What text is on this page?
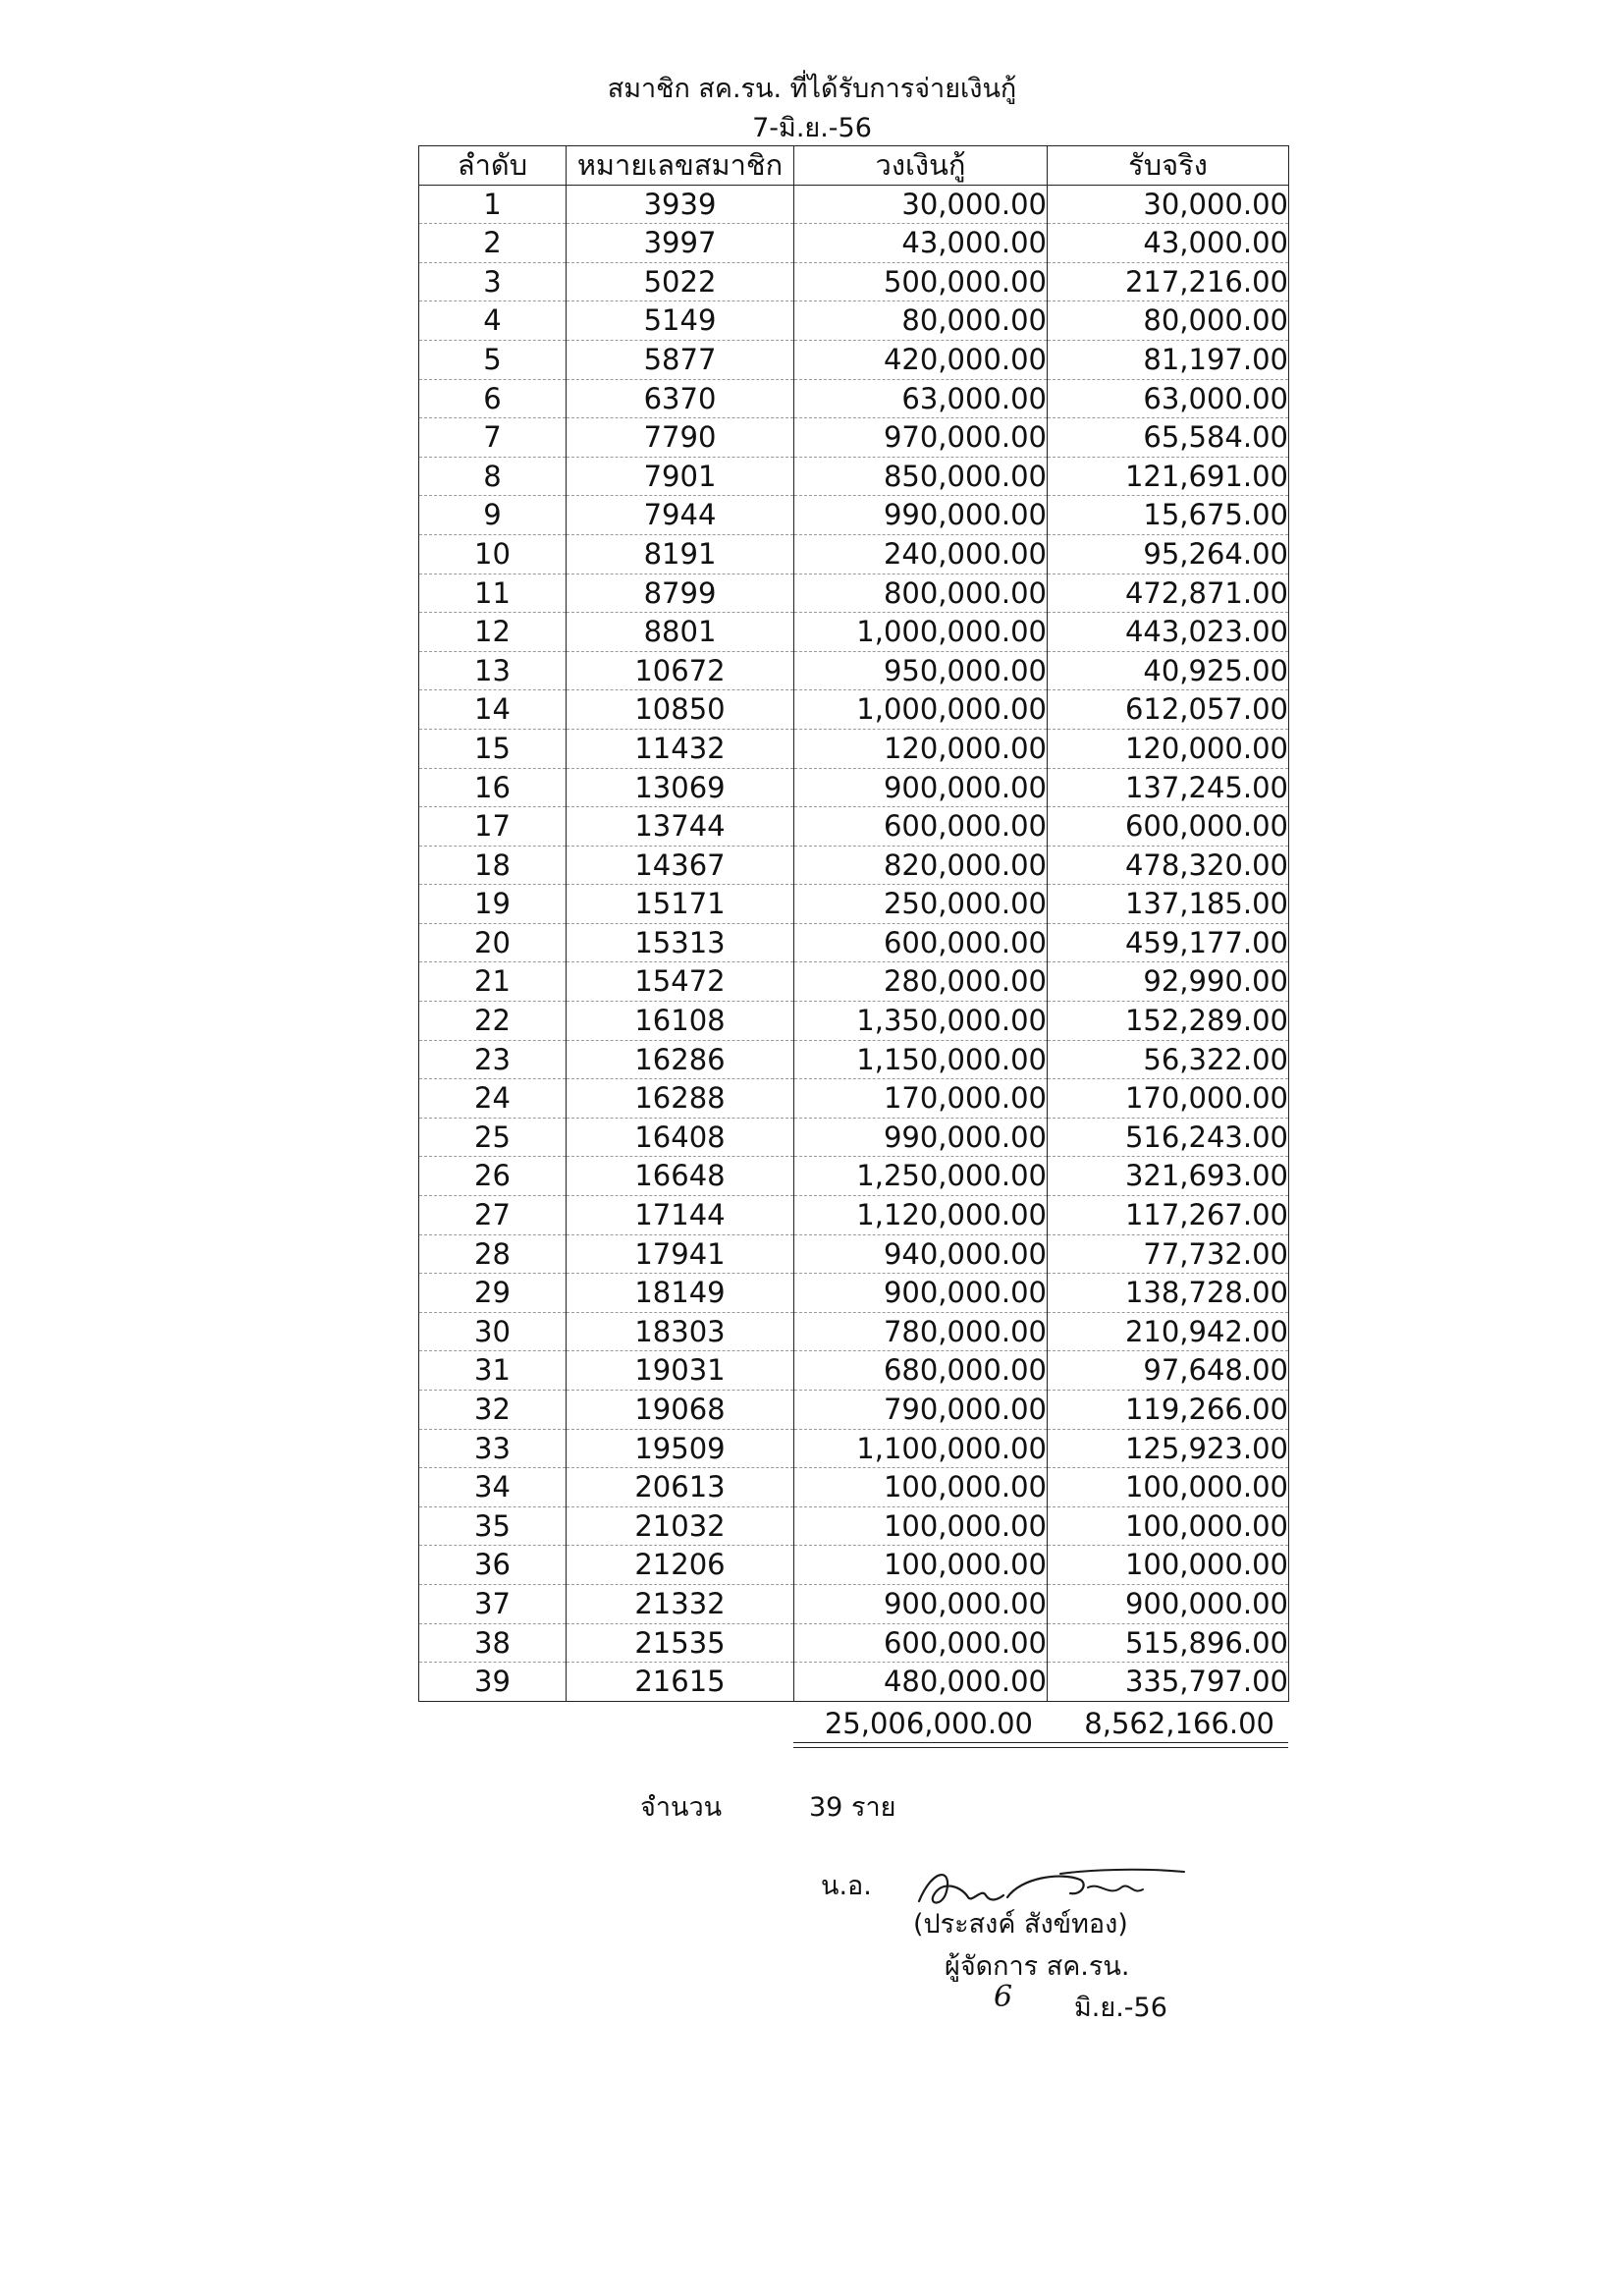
สมาชิก สค.รน. ที่ได้รับการจ่ายเงินกู้
7-มิ.ย.-56
ลำดับ	หมายเลขสมาชิก	วงเงินกู้	รับจริง
1	3939	30,000.00	30,000.00
2	3997	43,000.00	43,000.00
3	5022	500,000.00	217,216.00
4	5149	80,000.00	80,000.00
5	5877	420,000.00	81,197.00
6	6370	63,000.00	63,000.00
7	7790	970,000.00	65,584.00
8	7901	850,000.00	121,691.00
9	7944	990,000.00	15,675.00
10	8191	240,000.00	95,264.00
11	8799	800,000.00	472,871.00
12	8801	1,000,000.00	443,023.00
13	10672	950,000.00	40,925.00
14	10850	1,000,000.00	612,057.00
15	11432	120,000.00	120,000.00
16	13069	900,000.00	137,245.00
17	13744	600,000.00	600,000.00
18	14367	820,000.00	478,320.00
19	15171	250,000.00	137,185.00
20	15313	600,000.00	459,177.00
21	15472	280,000.00	92,990.00
22	16108	1,350,000.00	152,289.00
23	16286	1,150,000.00	56,322.00
24	16288	170,000.00	170,000.00
25	16408	990,000.00	516,243.00
26	16648	1,250,000.00	321,693.00
27	17144	1,120,000.00	117,267.00
28	17941	940,000.00	77,732.00
29	18149	900,000.00	138,728.00
30	18303	780,000.00	210,942.00
31	19031	680,000.00	97,648.00
32	19068	790,000.00	119,266.00
33	19509	1,100,000.00	125,923.00
34	20613	100,000.00	100,000.00
35	21032	100,000.00	100,000.00
36	21206	100,000.00	100,000.00
37	21332	900,000.00	900,000.00
38	21535	600,000.00	515,896.00
39	21615	480,000.00	335,797.00
25,006,000.00	8,562,166.00
จำนวน	39 ราย
น.อ.
(ประสงค์ สังข์ทอง)
ผู้จัดการ สค.รน.
6 มิ.ย.-56
